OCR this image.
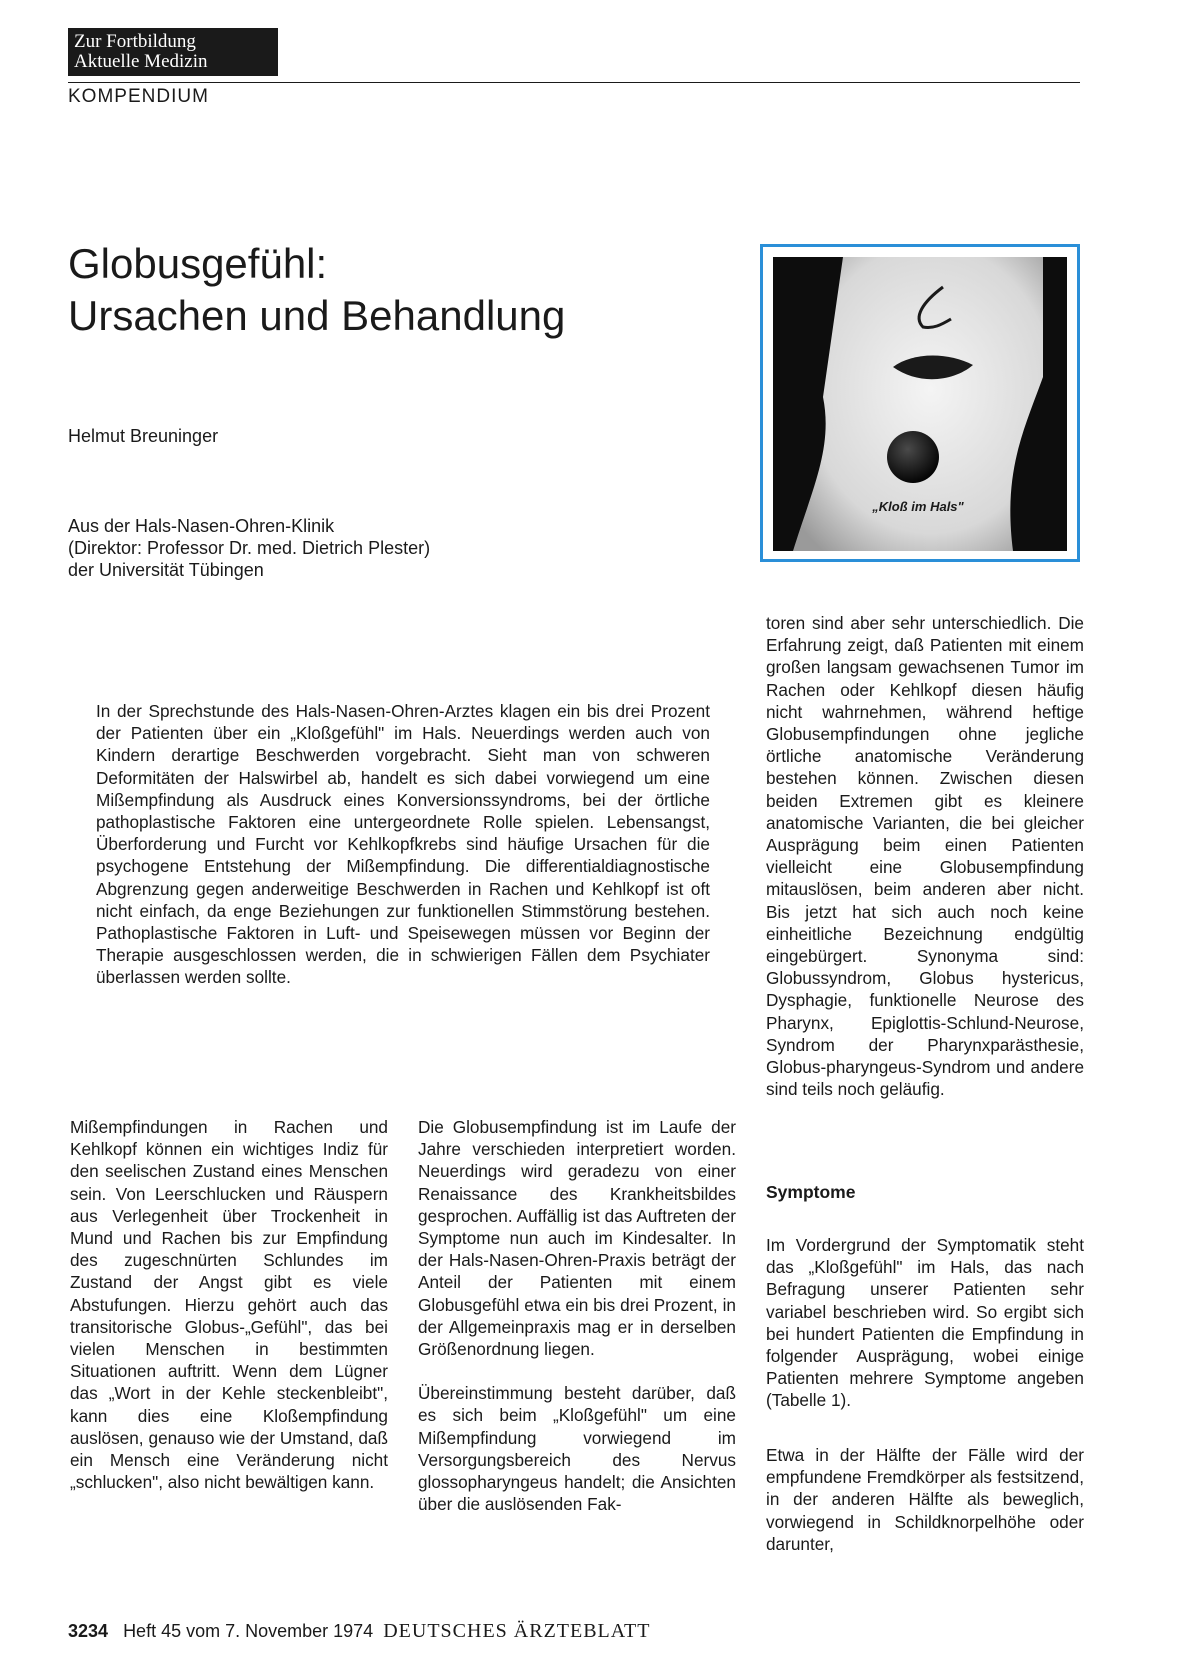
Zur Fortbildung
Aktuelle Medizin
KOMPENDIUM
Globusgefühl:
Ursachen und Behandlung
Helmut Breuninger
Aus der Hals-Nasen-Ohren-Klinik
(Direktor: Professor Dr. med. Dietrich Plester)
der Universität Tübingen
„Kloß im Hals"

In der Sprechstunde des Hals-Nasen-Ohren-Arztes klagen ein bis drei Prozent der Patienten über ein „Kloßgefühl" im Hals. Neuerdings werden auch von Kindern derartige Beschwerden vorgebracht. Sieht man von schweren Deformitäten der Halswirbel ab, handelt es sich dabei vorwiegend um eine Mißempfindung als Ausdruck eines Konversionssyndroms, bei der örtliche pathoplastische Faktoren eine untergeordnete Rolle spielen. Lebensangst, Überforderung und Furcht vor Kehlkopfkrebs sind häufige Ursachen für die psychogene Entstehung der Mißempfindung. Die differentialdiagnostische Abgrenzung gegen anderweitige Beschwerden in Rachen und Kehlkopf ist oft nicht einfach, da enge Beziehungen zur funktionellen Stimmstörung bestehen. Pathoplastische Faktoren in Luft- und Speisewegen müssen vor Beginn der Therapie ausgeschlossen werden, die in schwierigen Fällen dem Psychiater überlassen werden sollte.

Mißempfindungen in Rachen und Kehlkopf können ein wichtiges Indiz für den seelischen Zustand eines Menschen sein. Von Leerschlucken und Räuspern aus Verlegenheit über Trockenheit in Mund und Rachen bis zur Empfindung des zugeschnürten Schlundes im Zustand der Angst gibt es viele Abstufungen. Hierzu gehört auch das transitorische Globus-„Gefühl", das bei vielen Menschen in bestimmten Situationen auftritt. Wenn dem Lügner das „Wort in der Kehle steckenbleibt", kann dies eine Kloßempfindung auslösen, genauso wie der Umstand, daß ein Mensch eine Veränderung nicht „schlucken", also nicht bewältigen kann.

Die Globusempfindung ist im Laufe der Jahre verschieden interpretiert worden. Neuerdings wird geradezu von einer Renaissance des Krankheitsbildes gesprochen. Auffällig ist das Auftreten der Symptome nun auch im Kindesalter. In der Hals-Nasen-Ohren-Praxis beträgt der Anteil der Patienten mit einem Globusgefühl etwa ein bis drei Prozent, in der Allgemeinpraxis mag er in derselben Größenordnung liegen.

Übereinstimmung besteht darüber, daß es sich beim „Kloßgefühl" um eine Mißempfindung vorwiegend im Versorgungsbereich des Nervus glossopharyngeus handelt; die Ansichten über die auslösenden Fak-

toren sind aber sehr unterschiedlich. Die Erfahrung zeigt, daß Patienten mit einem großen langsam gewachsenen Tumor im Rachen oder Kehlkopf diesen häufig nicht wahrnehmen, während heftige Globusempfindungen ohne jegliche örtliche anatomische Veränderung bestehen können. Zwischen diesen beiden Extremen gibt es kleinere anatomische Varianten, die bei gleicher Ausprägung beim einen Patienten vielleicht eine Globusempfindung mitauslösen, beim anderen aber nicht. Bis jetzt hat sich auch noch keine einheitliche Bezeichnung endgültig eingebürgert. Synonyma sind: Globussyndrom, Globus hystericus, Dysphagie, funktionelle Neurose des Pharynx, Epiglottis-Schlund-Neurose, Syndrom der Pharynxparästhesie, Globus-pharyngeus-Syndrom und andere sind teils noch geläufig.

Symptome

Im Vordergrund der Symptomatik steht das „Kloßgefühl" im Hals, das nach Befragung unserer Patienten sehr variabel beschrieben wird. So ergibt sich bei hundert Patienten die Empfindung in folgender Ausprägung, wobei einige Patienten mehrere Symptome angeben (Tabelle 1).

Etwa in der Hälfte der Fälle wird der empfundene Fremdkörper als festsitzend, in der anderen Hälfte als beweglich, vorwiegend in Schildknorpelhöhe oder darunter,

3234 Heft 45 vom 7. November 1974 DEUTSCHES ÄRZTEBLATT
